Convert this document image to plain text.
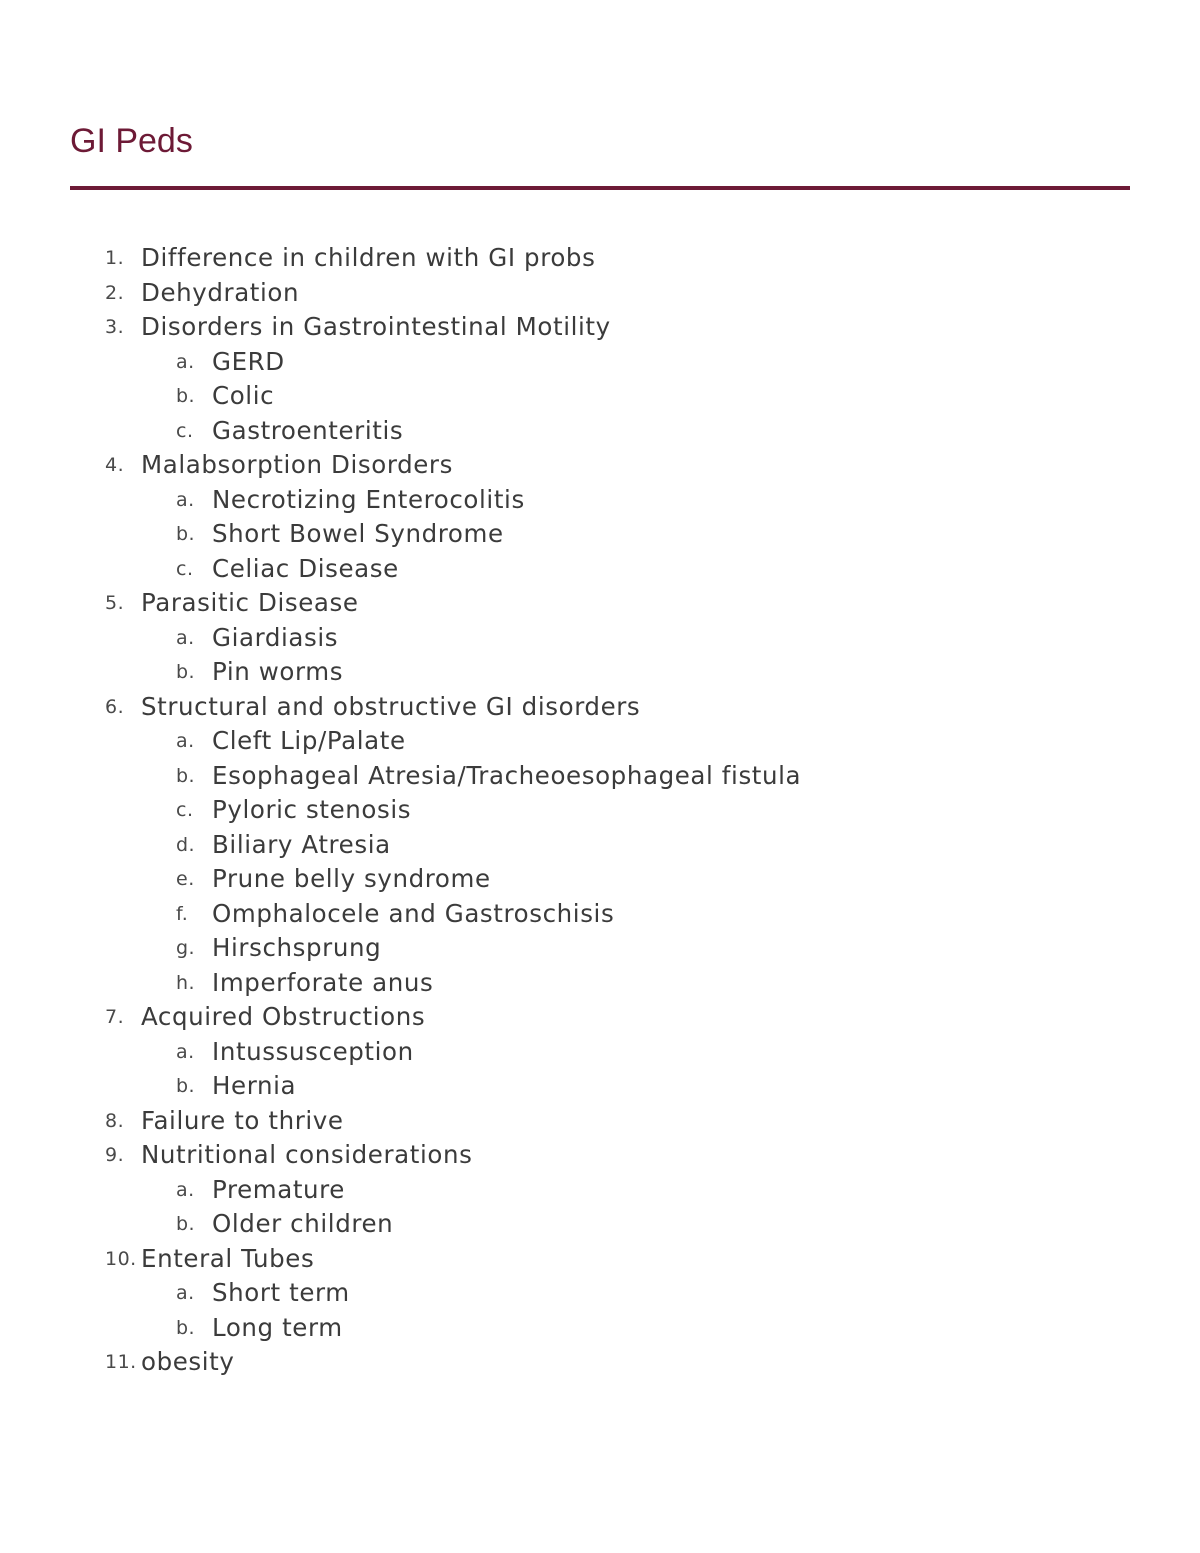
GI Peds
1. Difference in children with GI probs
2. Dehydration
3. Disorders in Gastrointestinal Motility
a. GERD
b. Colic
c. Gastroenteritis
4. Malabsorption Disorders
a. Necrotizing Enterocolitis
b. Short Bowel Syndrome
c. Celiac Disease
5. Parasitic Disease
a. Giardiasis
b. Pin worms
6. Structural and obstructive GI disorders
a. Cleft Lip/Palate
b. Esophageal Atresia/Tracheoesophageal fistula
c. Pyloric stenosis
d. Biliary Atresia
e. Prune belly syndrome
f. Omphalocele and Gastroschisis
g. Hirschsprung
h. Imperforate anus
7. Acquired Obstructions
a. Intussusception
b. Hernia
8. Failure to thrive
9. Nutritional considerations
a. Premature
b. Older children
10. Enteral Tubes
a. Short term
b. Long term
11. obesity
